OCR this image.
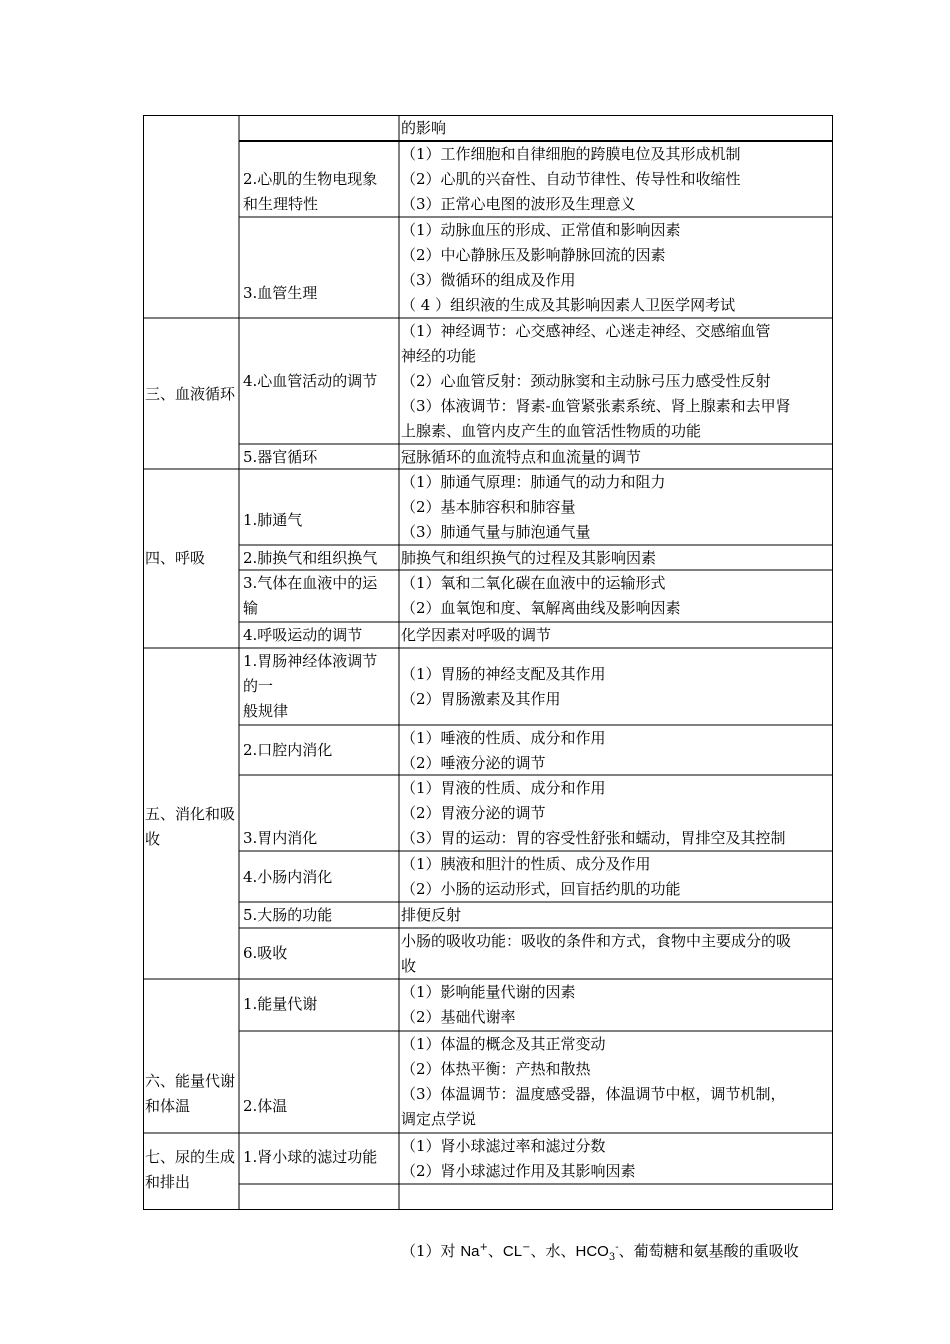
三、血液循环
四、呼吸
五、消化和吸
收
六、能量代谢
和体温
七、尿的生成
和排出
2.心肌的生物电现象
和生理特性
3.血管生理
4.心血管活动的调节
5.器官循环
1.肺通气
2.肺换气和组织换气
3.气体在血液中的运
输
4.呼吸运动的调节
1.胃肠神经体液调节
的一
般规律
2.口腔内消化
3.胃内消化
4.小肠内消化
5.大肠的功能
6.吸收
1.能量代谢
2.体温
1.肾小球的滤过功能
的影响
（1）工作细胞和自律细胞的跨膜电位及其形成机制
（2）心肌的兴奋性、自动节律性、传导性和收缩性
（3）正常心电图的波形及生理意义
（1）动脉血压的形成、正常值和影响因素
（2）中心静脉压及影响静脉回流的因素
（3）微循环的组成及作用
（ 4 ）组织液的生成及其影响因素人卫医学网考试
（1）神经调节：心交感神经、心迷走神经、交感缩血管
神经的功能
（2）心血管反射：颈动脉窦和主动脉弓压力感受性反射
（3）体液调节：肾素-血管紧张素系统、肾上腺素和去甲肾
上腺素、血管内皮产生的血管活性物质的功能
冠脉循环的血流特点和血流量的调节
（1）肺通气原理：肺通气的动力和阻力
（2）基本肺容积和肺容量
（3）肺通气量与肺泡通气量
肺换气和组织换气的过程及其影响因素
（1）氧和二氧化碳在血液中的运输形式
（2）血氧饱和度、氧解离曲线及影响因素
化学因素对呼吸的调节
（1）胃肠的神经支配及其作用
（2）胃肠激素及其作用
（1）唾液的性质、成分和作用
（2）唾液分泌的调节
（1）胃液的性质、成分和作用
（2）胃液分泌的调节
（3）胃的运动：胃的容受性舒张和蠕动，胃排空及其控制
（1）胰液和胆汁的性质、成分及作用
（2）小肠的运动形式，回盲括约肌的功能
排便反射
小肠的吸收功能：吸收的条件和方式，食物中主要成分的吸
收
（1）影响能量代谢的因素
（2）基础代谢率
（1）体温的概念及其正常变动
（2）体热平衡：产热和散热
（3）体温调节：温度感受器，体温调节中枢，调节机制，
调定点学说
（1）肾小球滤过率和滤过分数
（2）肾小球滤过作用及其影响因素

（1）对 Na+、CL−、水、$HCO_3^-$、葡萄糖和氨基酸的重吸收
